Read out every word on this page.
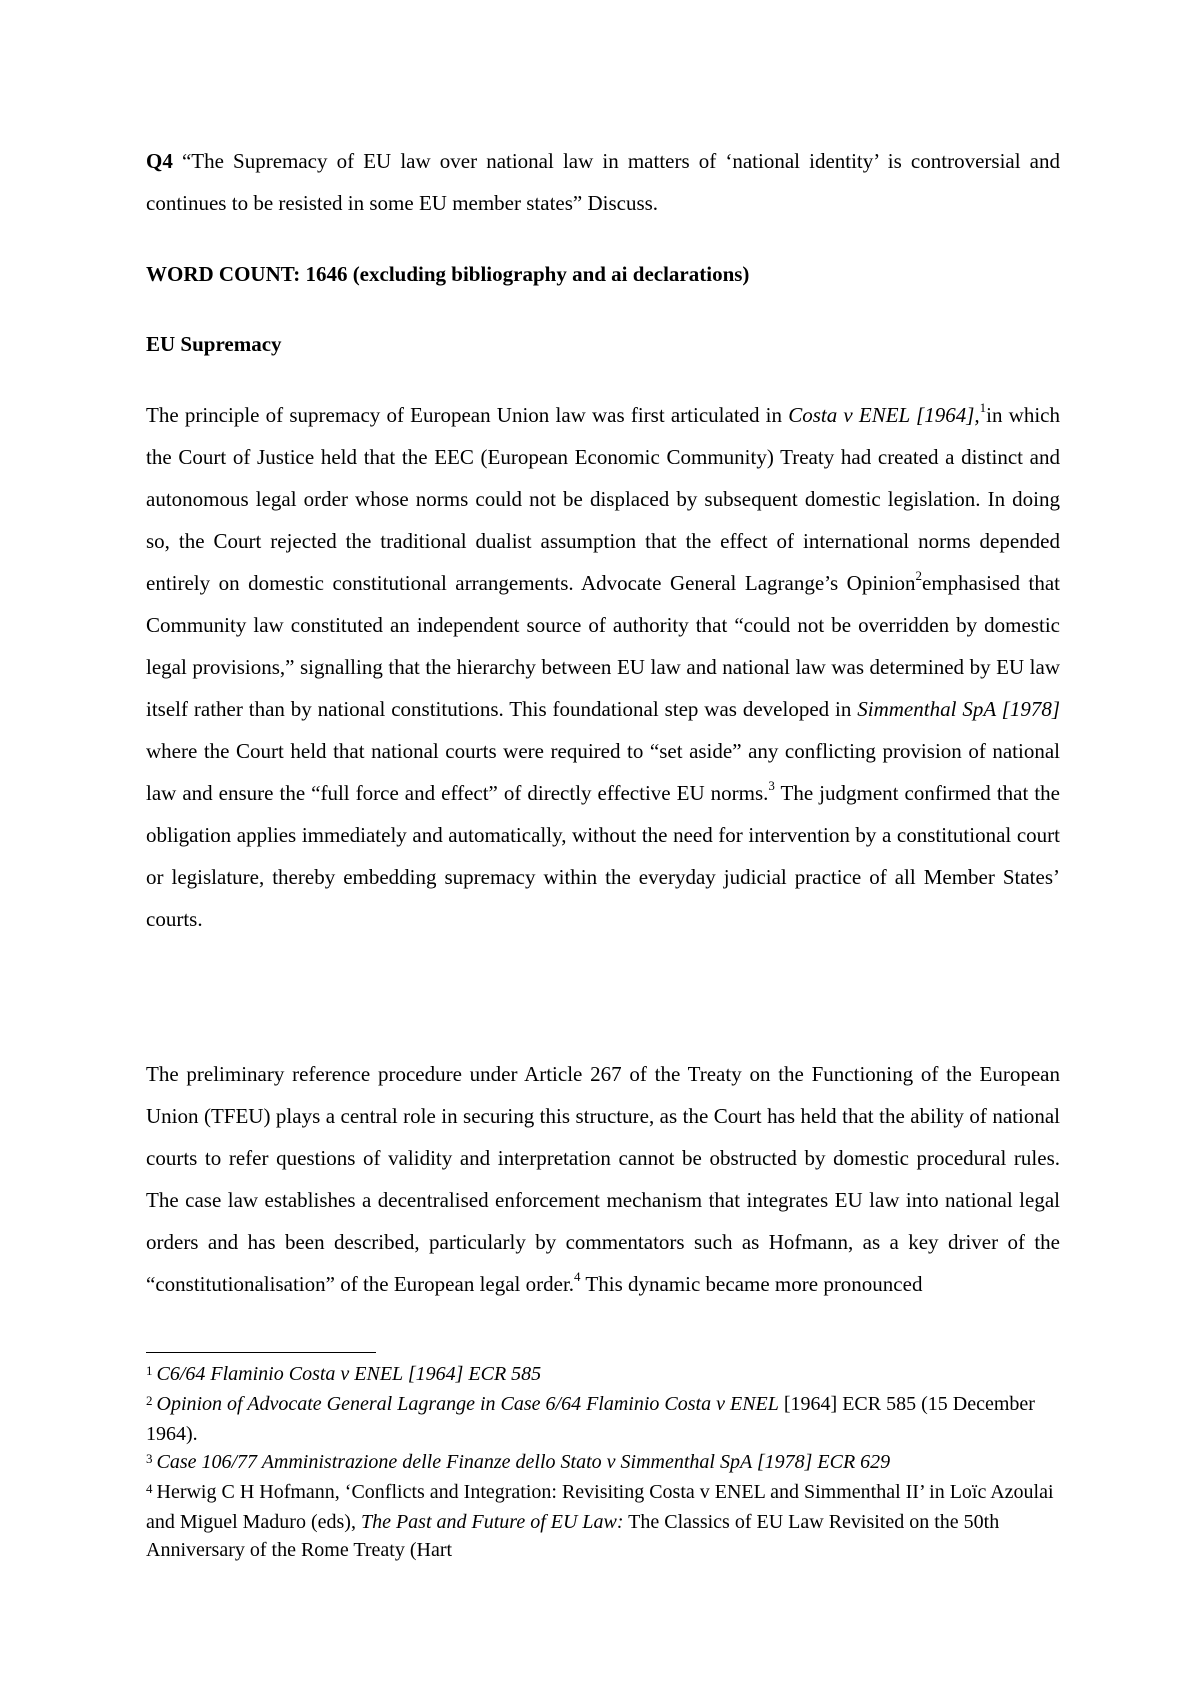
Q4 “The Supremacy of EU law over national law in matters of ‘national identity’ is controversial and continues to be resisted in some EU member states” Discuss.

WORD COUNT: 1646 (excluding bibliography and ai declarations)

EU Supremacy

The principle of supremacy of European Union law was first articulated in Costa v ENEL [1964],$^1$in which the Court of Justice held that the EEC (European Economic Community) Treaty had created a distinct and autonomous legal order whose norms could not be displaced by subsequent domestic legislation. In doing so, the Court rejected the traditional dualist assumption that the effect of international norms depended entirely on domestic constitutional arrangements. Advocate General Lagrange’s Opinion$^2$emphasised that Community law constituted an independent source of authority that “could not be overridden by domestic legal provisions,” signalling that the hierarchy between EU law and national law was determined by EU law itself rather than by national constitutions. This foundational step was developed in Simmenthal SpA [1978] where the Court held that national courts were required to “set aside” any conflicting provision of national law and ensure the “full force and effect” of directly effective EU norms.$^3$ The judgment confirmed that the obligation applies immediately and automatically, without the need for intervention by a constitutional court or legislature, thereby embedding supremacy within the everyday judicial practice of all Member States’ courts.

The preliminary reference procedure under Article 267 of the Treaty on the Functioning of the European Union (TFEU) plays a central role in securing this structure, as the Court has held that the ability of national courts to refer questions of validity and interpretation cannot be obstructed by domestic procedural rules. The case law establishes a decentralised enforcement mechanism that integrates EU law into national legal orders and has been described, particularly by commentators such as Hofmann, as a key driver of the “constitutionalisation” of the European legal order.$^4$ This dynamic became more pronounced

$^1$ C6/64 Flaminio Costa v ENEL [1964] ECR 585
$^2$ Opinion of Advocate General Lagrange in Case 6/64 Flaminio Costa v ENEL [1964] ECR 585 (15 December 1964).
$^3$ Case 106/77 Amministrazione delle Finanze dello Stato v Simmenthal SpA [1978] ECR 629
$^4$ Herwig C H Hofmann, ‘Conflicts and Integration: Revisiting Costa v ENEL and Simmenthal II’ in Loïc Azoulai and Miguel Maduro (eds), The Past and Future of EU Law: The Classics of EU Law Revisited on the 50th Anniversary of the Rome Treaty (Hart
